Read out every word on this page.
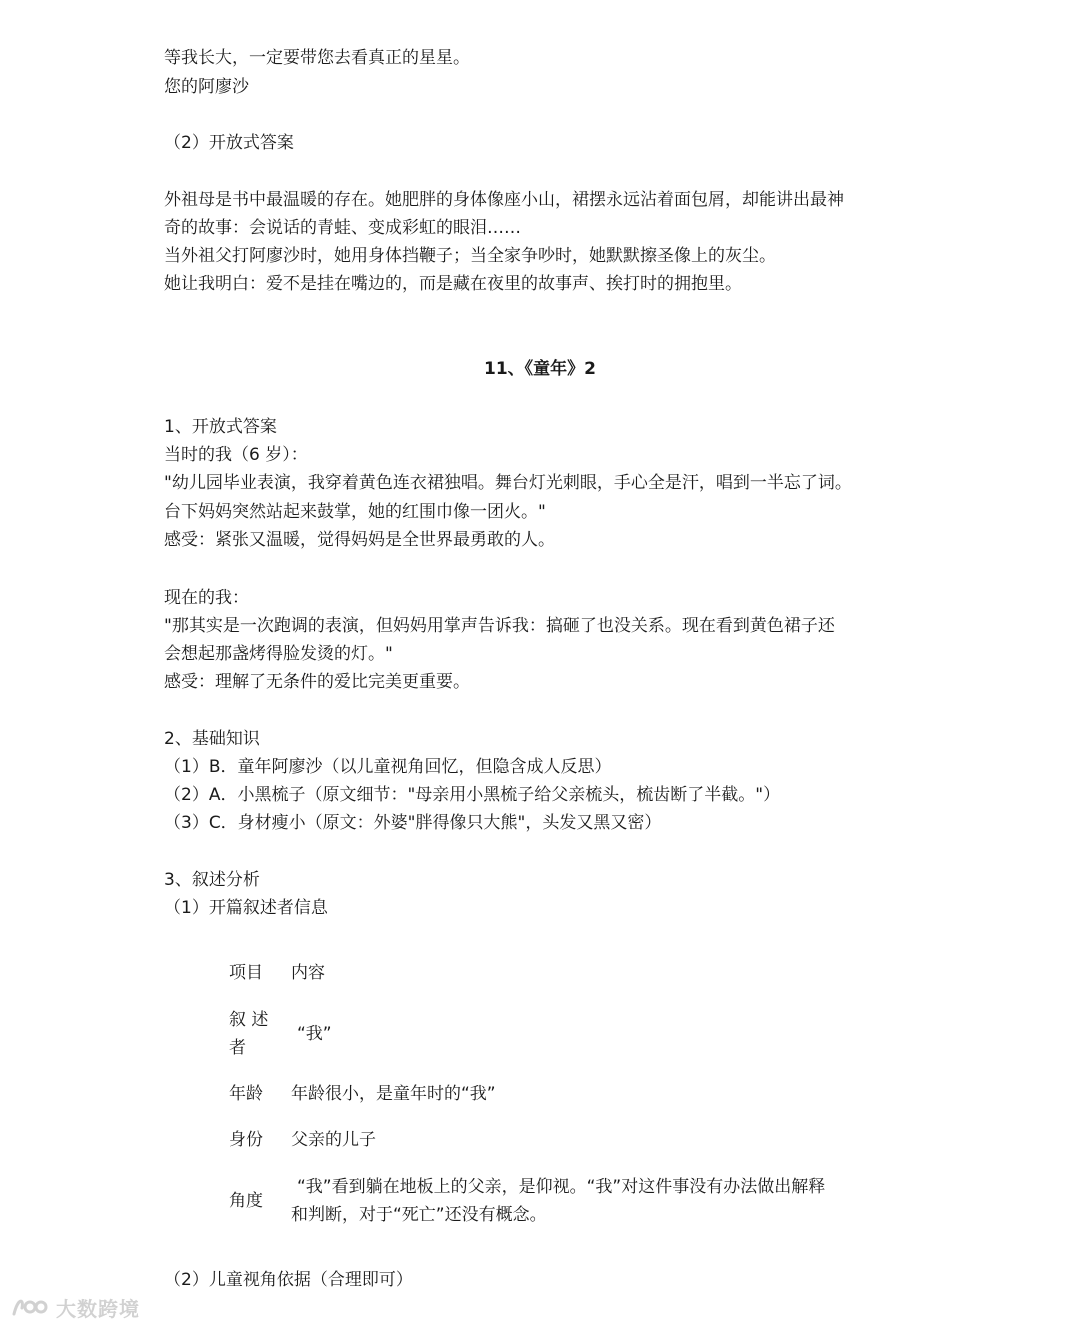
等我长大，一定要带您去看真正的星星。
您的阿廖沙
（2）开放式答案
外祖母是书中最温暖的存在。她肥胖的身体像座小山，裙摆永远沾着面包屑，却能讲出最神
奇的故事：会说话的青蛙、变成彩虹的眼泪……
当外祖父打阿廖沙时，她用身体挡鞭子；当全家争吵时，她默默擦圣像上的灰尘。
她让我明白：爱不是挂在嘴边的，而是藏在夜里的故事声、挨打时的拥抱里。
11、《童年》2
1、开放式答案
当时的我（6 岁）：
"幼儿园毕业表演，我穿着黄色连衣裙独唱。舞台灯光刺眼，手心全是汗，唱到一半忘了词。
台下妈妈突然站起来鼓掌，她的红围巾像一团火。"
感受：紧张又温暖，觉得妈妈是全世界最勇敢的人。
现在的我：
"那其实是一次跑调的表演，但妈妈用掌声告诉我：搞砸了也没关系。现在看到黄色裙子还
会想起那盏烤得脸发烫的灯。"
感受：理解了无条件的爱比完美更重要。
2、基础知识
（1）B．童年阿廖沙（以儿童视角回忆，但隐含成人反思）
（2）A．小黑梳子（原文细节："母亲用小黑梳子给父亲梳头，梳齿断了半截。"）
（3）C．身材瘦小（原文：外婆"胖得像只大熊"，头发又黑又密）
3、叙述分析
（1）开篇叙述者信息
项目 内容
叙 述
者
“我”
年龄 年龄很小，是童年时的“我”
身份 父亲的儿子
角度
“我”看到躺在地板上的父亲，是仰视。“我”对这件事没有办法做出解释
和判断，对于“死亡”还没有概念。
（2）儿童视角依据（合理即可）
大数跨境
